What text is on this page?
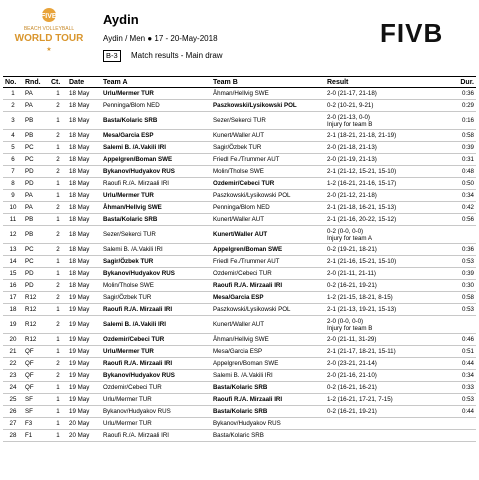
FIVB
BEACH VOLLEYBALL
WORLD TOUR
★
Aydin
Aydin / Men ● 17 - 20-May-2018
B-3	Match results - Main draw
FIVB
No.	Rnd.	Ct.	Date	Team A	Team B	Result	Dur.
1	PA	1	18 May	Urlu/Mermer TUR	Åhman/Hellvig SWE	2-0 (21-17, 21-18)	0:36
2	PA	2	18 May	Penninga/Blom NED	Paszkowski/Lysikowski POL	0-2 (10-21, 9-21)	0:29
3	PB	1	18 May	Basta/Kolaric SRB	Sezer/Sekerci TUR	2-0 (21-13, 0-0)
Injury for team B	0:16
4	PB	2	18 May	Mesa/Garcia ESP	Kunert/Waller AUT	2-1 (18-21, 21-18, 21-19)	0:58
5	PC	1	18 May	Salemi B. /A.Vakili IRI	Sagir/Özbek TUR	2-0 (21-18, 21-13)	0:39
6	PC	2	18 May	Appelgren/Boman SWE	Friedl Fe./Trummer AUT	2-0 (21-19, 21-13)	0:31
7	PD	2	18 May	Bykanov/Hudyakov RUS	Molin/Tholse SWE	2-1 (21-12, 15-21, 15-10)	0:48
8	PD	1	18 May	Raoufi R./A. Mirzaali IRI	Ozdemir/Cebeci TUR	1-2 (16-21, 21-16, 15-17)	0:50
9	PA	1	18 May	Urlu/Mermer TUR	Paszkowski/Lysikowski POL	2-0 (21-12, 21-18)	0:34
10	PA	2	18 May	Åhman/Hellvig SWE	Penninga/Blom NED	2-1 (21-18, 16-21, 15-13)	0:42
11	PB	1	18 May	Basta/Kolaric SRB	Kunert/Waller AUT	2-1 (21-16, 20-22, 15-12)	0:56
12	PB	2	18 May	Sezer/Sekerci TUR	Kunert/Waller AUT	0-2 (0-0, 0-0)
Injury for team A	

13	PC	2	18 May	Salemi B. /A.Vakili IRI	Appelgren/Boman SWE	0-2 (19-21, 18-21)	0:36
14	PC	1	18 May	Sagir/Özbek TUR	Friedl Fe./Trummer AUT	2-1 (21-16, 15-21, 15-10)	0:53
15	PD	1	18 May	Bykanov/Hudyakov RUS	Ozdemir/Cebeci TUR	2-0 (21-11, 21-11)	0:39
16	PD	2	18 May	Molin/Tholse SWE	Raoufi R./A. Mirzaali IRI	0-2 (16-21, 19-21)	0:30
17	R12	2	19 May	Sagir/Özbek TUR	Mesa/Garcia ESP	1-2 (21-15, 18-21, 8-15)	0:58
18	R12	1	19 May	Raoufi R./A. Mirzaali IRI	Paszkowski/Lysikowski POL	2-1 (21-13, 19-21, 15-13)	0:53
19	R12	2	19 May	Salemi B. /A.Vakili IRI	Kunert/Waller AUT	2-0 (0-0, 0-0)
Injury for team B	

20	R12	1	19 May	Ozdemir/Cebeci TUR	Åhman/Hellvig SWE	2-0 (21-11, 31-29)	0:46
21	QF	1	19 May	Urlu/Mermer TUR	Mesa/Garcia ESP	2-1 (21-17, 18-21, 15-11)	0:51
22	QF	2	19 May	Raoufi R./A. Mirzaali IRI	Appelgren/Boman SWE	2-0 (23-21, 21-14)	0:44
23	QF	2	19 May	Bykanov/Hudyakov RUS	Salemi B. /A.Vakili IRI	2-0 (21-16, 21-10)	0:34
24	QF	1	19 May	Ozdemir/Cebeci TUR	Basta/Kolaric SRB	0-2 (16-21, 16-21)	0:33
25	SF	1	19 May	Urlu/Mermer TUR	Raoufi R./A. Mirzaali IRI	1-2 (16-21, 17-21, 7-15)	0:53
26	SF	1	19 May	Bykanov/Hudyakov RUS	Basta/Kolaric SRB	0-2 (16-21, 19-21)	0:44
27	F3	1	20 May	Urlu/Mermer TUR	Bykanov/Hudyakov RUS	

28	F1	1	20 May	Raoufi R./A. Mirzaali IRI	Basta/Kolaric SRB	
